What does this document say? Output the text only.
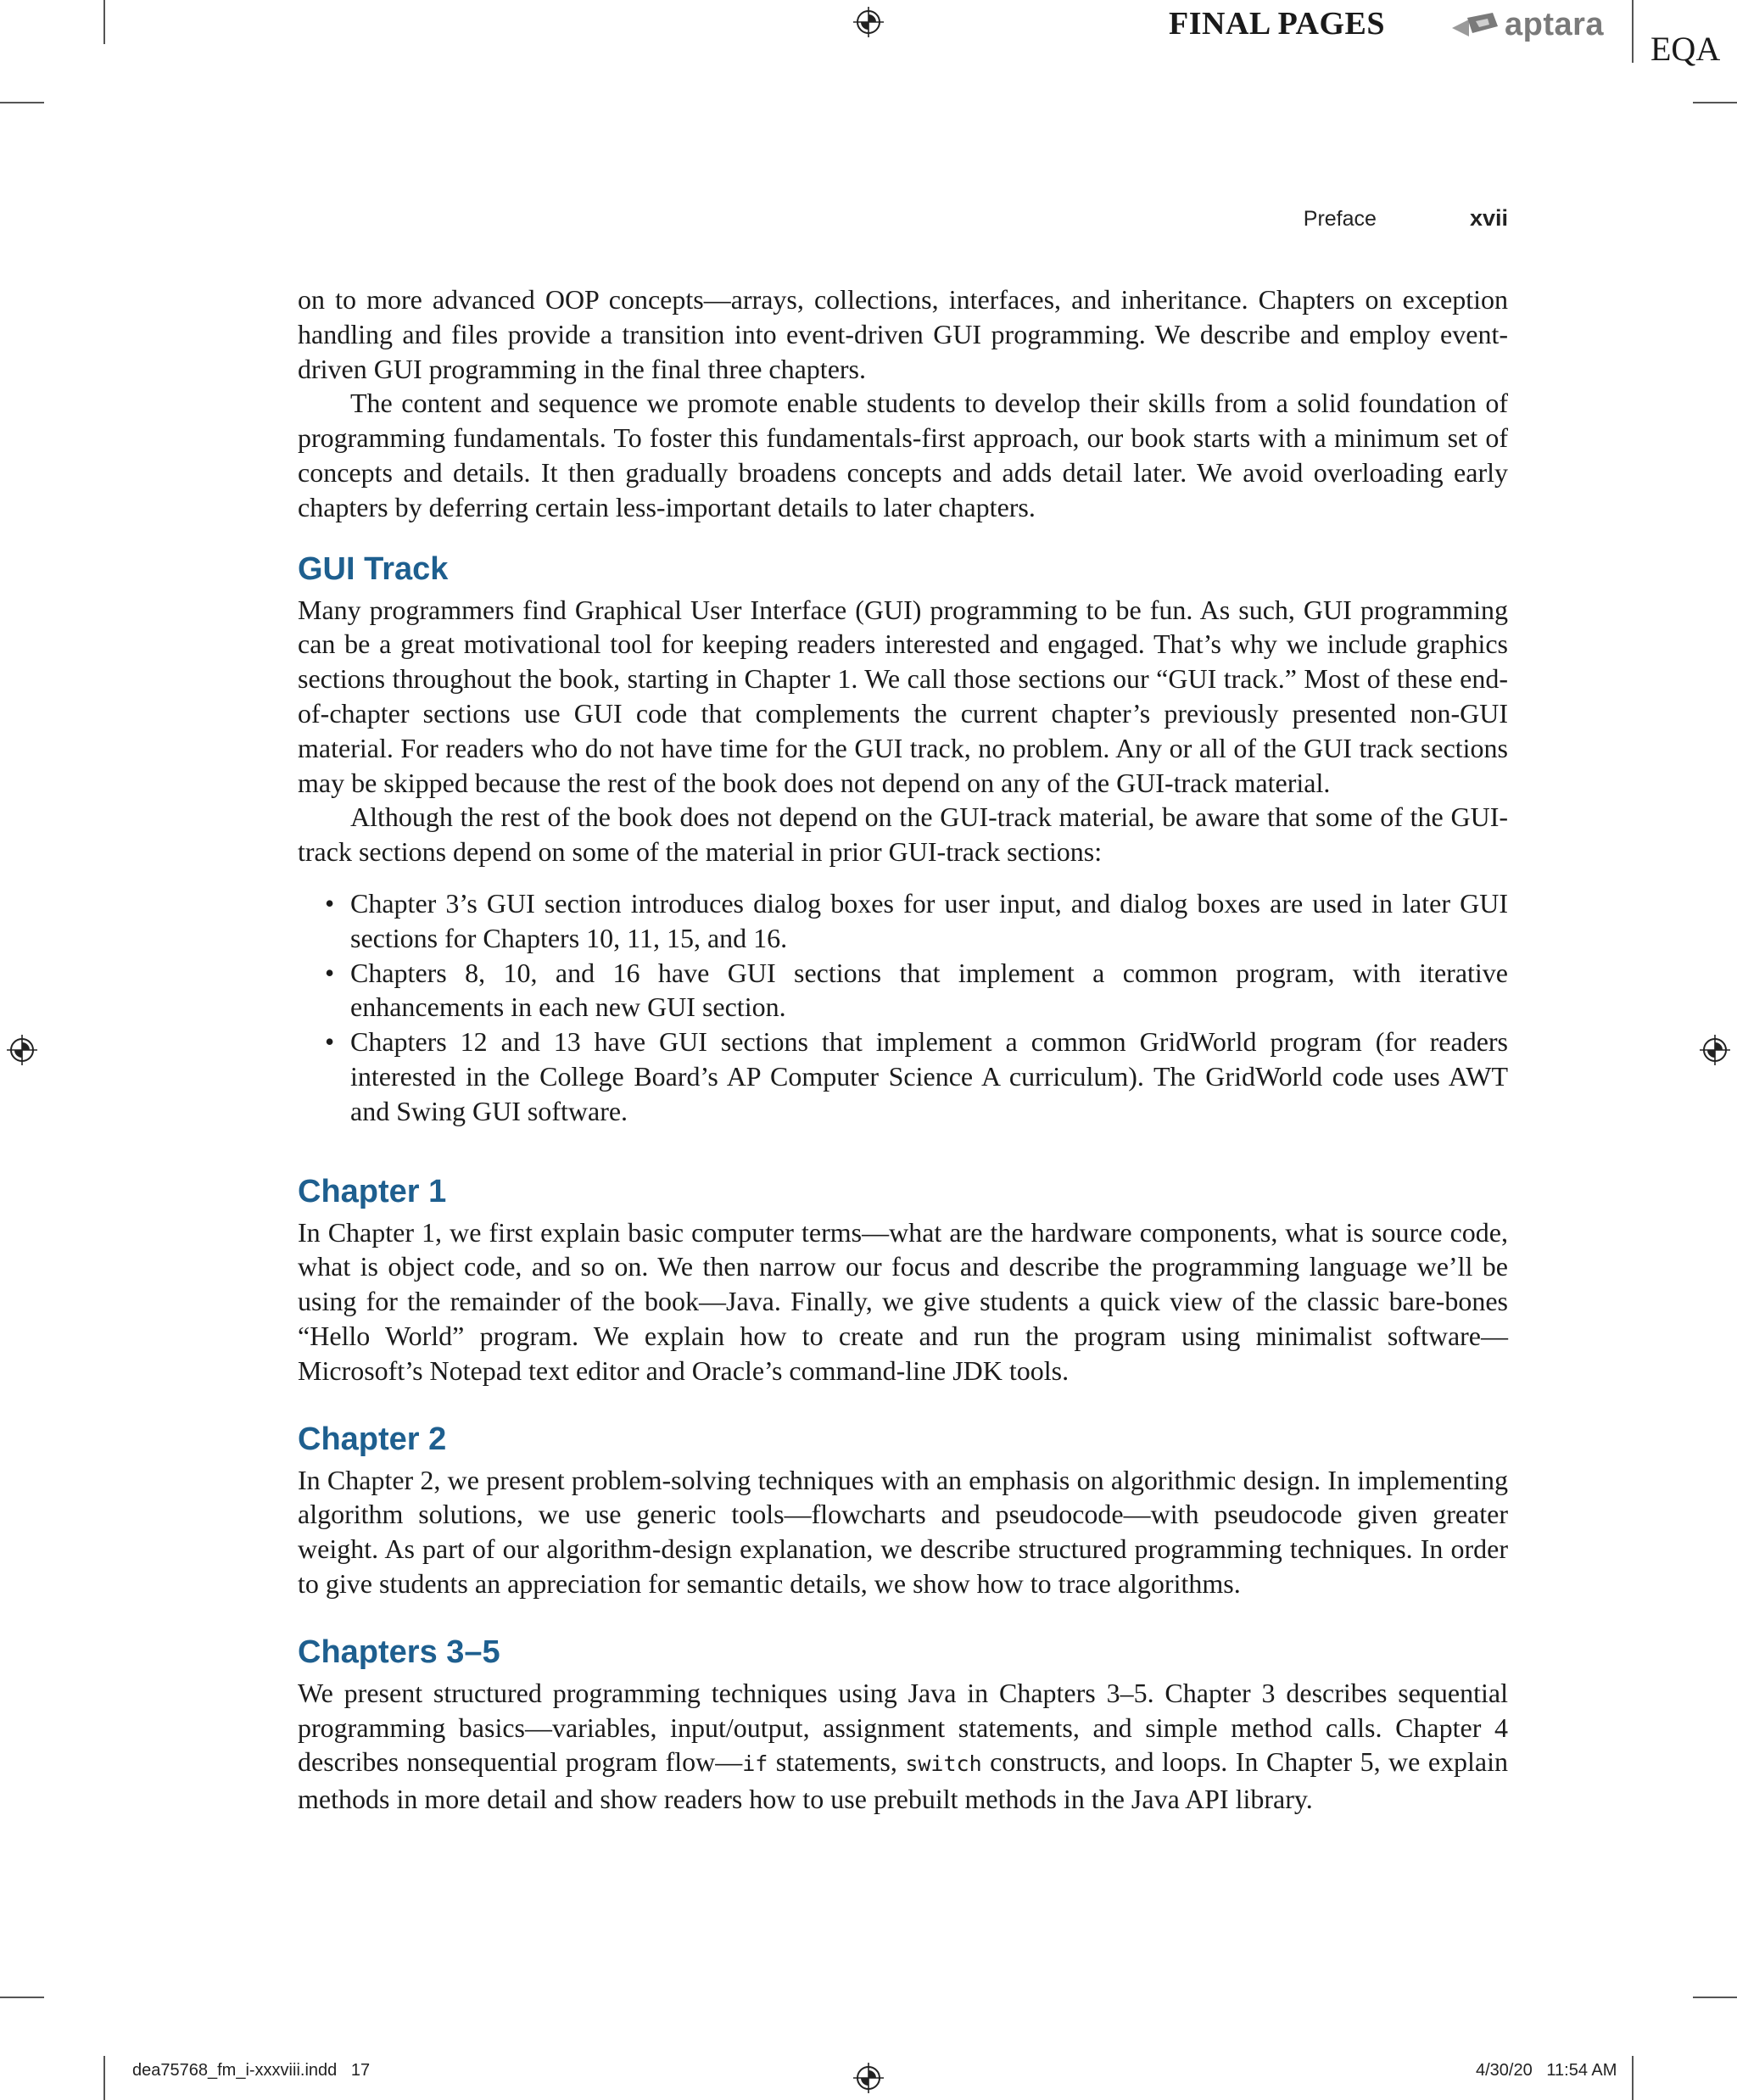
FINAL PAGES	aptara
EQA
Preface	xvii

on to more advanced OOP concepts—arrays, collections, interfaces, and inheritance. Chapters on exception handling and files provide a transition into event-driven GUI programming. We describe and employ event-driven GUI programming in the final three chapters.

The content and sequence we promote enable students to develop their skills from a solid foundation of programming fundamentals. To foster this fundamentals-first approach, our book starts with a minimum set of concepts and details. It then gradually broadens concepts and adds detail later. We avoid overloading early chapters by deferring certain less-important details to later chapters.

GUI Track

Many programmers find Graphical User Interface (GUI) programming to be fun. As such, GUI programming can be a great motivational tool for keeping readers interested and engaged. That’s why we include graphics sections throughout the book, starting in Chapter 1. We call those sections our “GUI track.” Most of these end-of-chapter sections use GUI code that complements the current chapter’s previously presented non-GUI material. For readers who do not have time for the GUI track, no problem. Any or all of the GUI track sections may be skipped because the rest of the book does not depend on any of the GUI-track material.

Although the rest of the book does not depend on the GUI-track material, be aware that some of the GUI-track sections depend on some of the material in prior GUI-track sections:

• Chapter 3’s GUI section introduces dialog boxes for user input, and dialog boxes are used in later GUI sections for Chapters 10, 11, 15, and 16.
• Chapters 8, 10, and 16 have GUI sections that implement a common program, with iterative enhancements in each new GUI section.
• Chapters 12 and 13 have GUI sections that implement a common GridWorld program (for readers interested in the College Board’s AP Computer Science A curriculum). The GridWorld code uses AWT and Swing GUI software.
Chapter 1

In Chapter 1, we first explain basic computer terms—what are the hardware components, what is source code, what is object code, and so on. We then narrow our focus and describe the programming language we’ll be using for the remainder of the book—Java. Finally, we give students a quick view of the classic bare-bones “Hello World” program. We explain how to create and run the program using minimalist software—Microsoft’s Notepad text editor and Oracle’s command-line JDK tools.

Chapter 2

In Chapter 2, we present problem-solving techniques with an emphasis on algorithmic design. In implementing algorithm solutions, we use generic tools—flowcharts and pseudocode—with pseudocode given greater weight. As part of our algorithm-design explanation, we describe structured programming techniques. In order to give students an appreciation for semantic details, we show how to trace algorithms.

Chapters 3–5

We present structured programming techniques using Java in Chapters 3–5. Chapter 3 describes sequential programming basics—variables, input/output, assignment statements, and simple method calls. Chapter 4 describes nonsequential program flow—if statements, switch constructs, and loops. In Chapter 5, we explain methods in more detail and show readers how to use prebuilt methods in the Java API library.

dea75768_fm_i-xxxviii.indd   17	4/30/20   11:54 AM
